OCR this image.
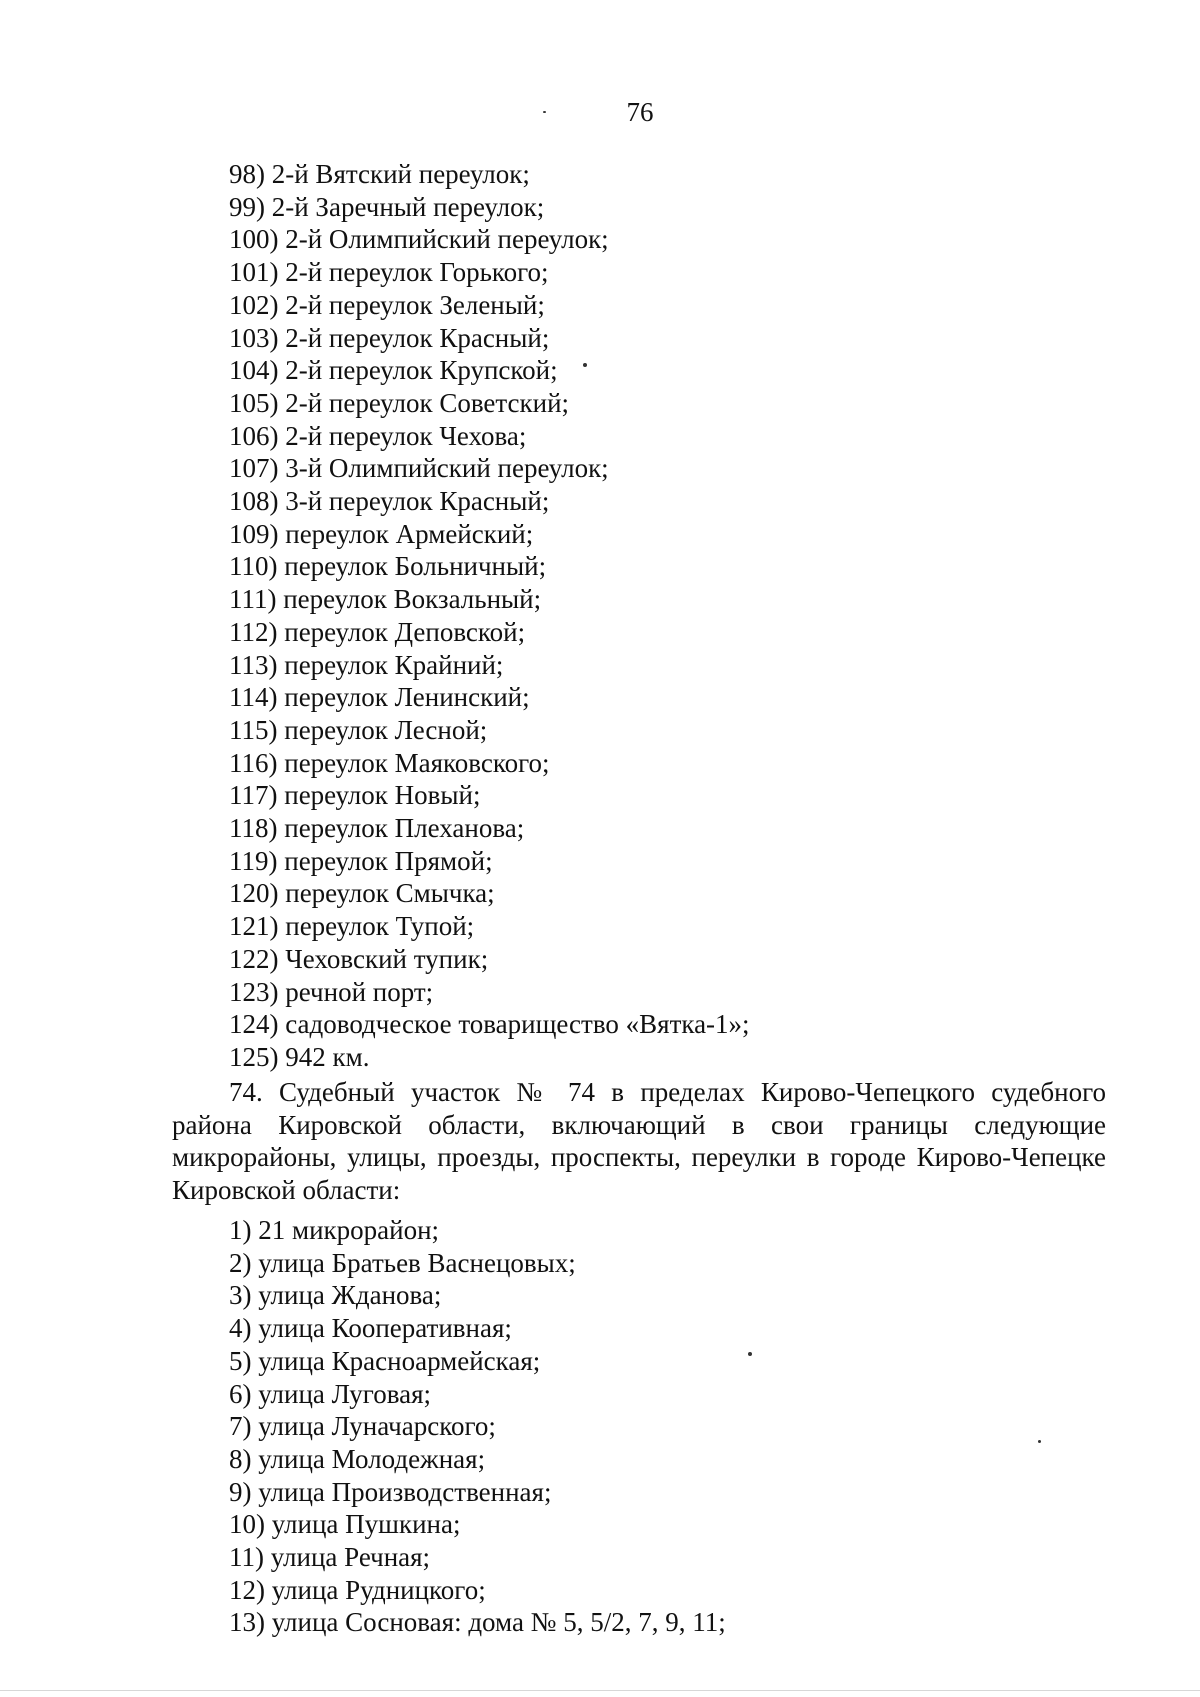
76
98) 2-й Вятский переулок;
99) 2-й Заречный переулок;
100) 2-й Олимпийский переулок;
101) 2-й переулок Горького;
102) 2-й переулок Зеленый;
103) 2-й переулок Красный;
104) 2-й переулок Крупской;
105) 2-й переулок Советский;
106) 2-й переулок Чехова;
107) 3-й Олимпийский переулок;
108) 3-й переулок Красный;
109) переулок Армейский;
110) переулок Больничный;
111) переулок Вокзальный;
112) переулок Деповской;
113) переулок Крайний;
114) переулок Ленинский;
115) переулок Лесной;
116) переулок Маяковского;
117) переулок Новый;
118) переулок Плеханова;
119) переулок Прямой;
120) переулок Смычка;
121) переулок Тупой;
122) Чеховский тупик;
123) речной порт;
124) садоводческое товарищество «Вятка-1»;
125) 942 км.

74. Судебный участок № 74 в пределах Кирово-Чепецкого судебного района Кировской области, включающий в свои границы следующие микрорайоны, улицы, проезды, проспекты, переулки в городе Кирово-Чепецке Кировской области:

1) 21 микрорайон;
2) улица Братьев Васнецовых;
3) улица Жданова;
4) улица Кооперативная;
5) улица Красноармейская;
6) улица Луговая;
7) улица Луначарского;
8) улица Молодежная;
9) улица Производственная;
10) улица Пушкина;
11) улица Речная;
12) улица Рудницкого;
13) улица Сосновая: дома № 5, 5/2, 7, 9, 11;
